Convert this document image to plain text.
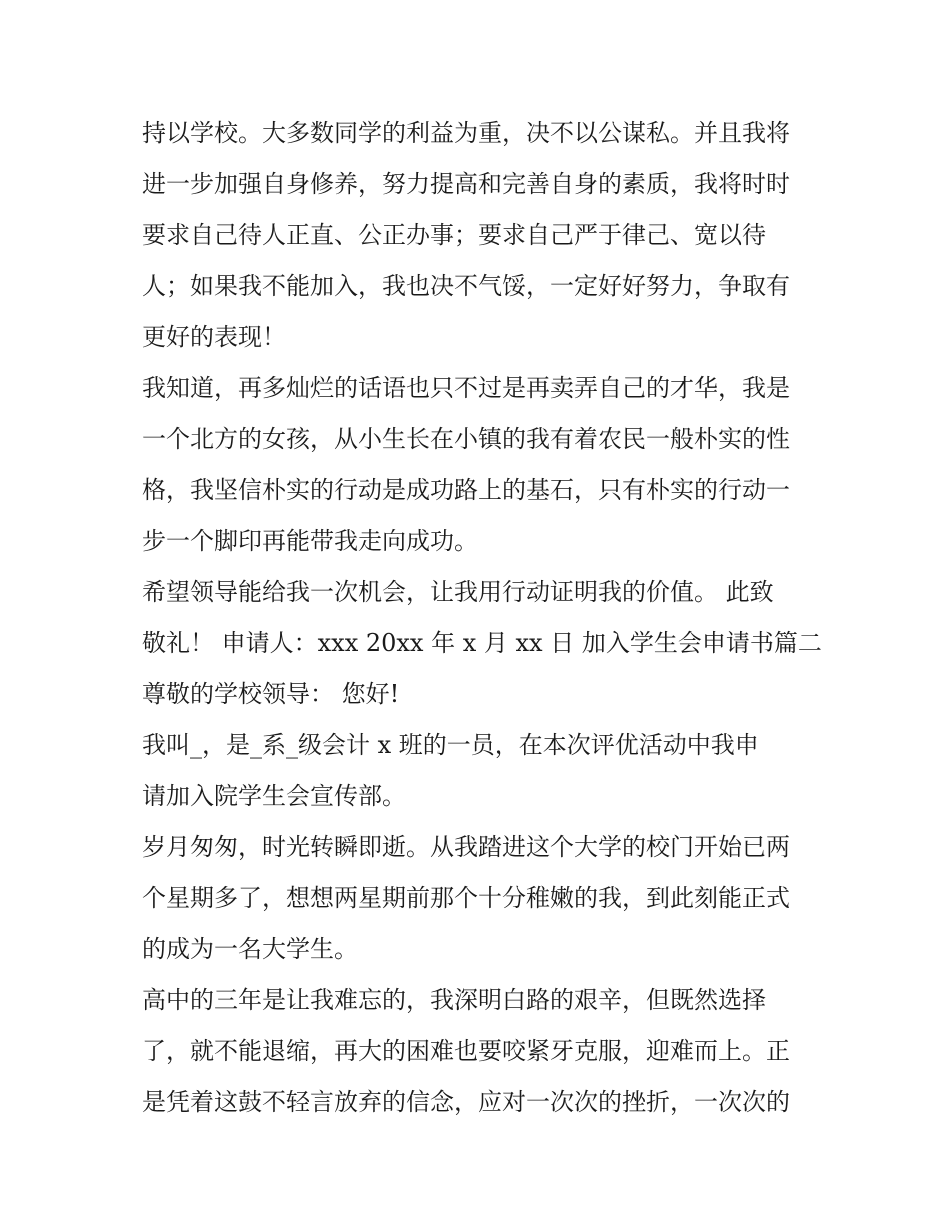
持以学校。大多数同学的利益为重，决不以公谋私。并且我将
进一步加强自身修养，努力提高和完善自身的素质，我将时时
要求自己待人正直、公正办事；要求自己严于律己、宽以待
人；如果我不能加入，我也决不气馁，一定好好努力，争取有
更好的表现！
我知道，再多灿烂的话语也只不过是再卖弄自己的才华，我是
一个北方的女孩，从小生长在小镇的我有着农民一般朴实的性
格，我坚信朴实的行动是成功路上的基石，只有朴实的行动一
步一个脚印再能带我走向成功。
希望领导能给我一次机会，让我用行动证明我的价值。 此致
敬礼！ 申请人：xxx 20xx 年 x 月 xx 日 加入学生会申请书篇二
尊敬的学校领导： 您好!
我叫_，是_系_级会计 x 班的一员，在本次评优活动中我申
请加入院学生会宣传部。
岁月匆匆，时光转瞬即逝。从我踏进这个大学的校门开始已两
个星期多了，想想两星期前那个十分稚嫩的我，到此刻能正式
的成为一名大学生。
高中的三年是让我难忘的，我深明白路的艰辛，但既然选择
了，就不能退缩，再大的困难也要咬紧牙克服，迎难而上。正
是凭着这鼓不轻言放弃的信念，应对一次次的挫折，一次次的
